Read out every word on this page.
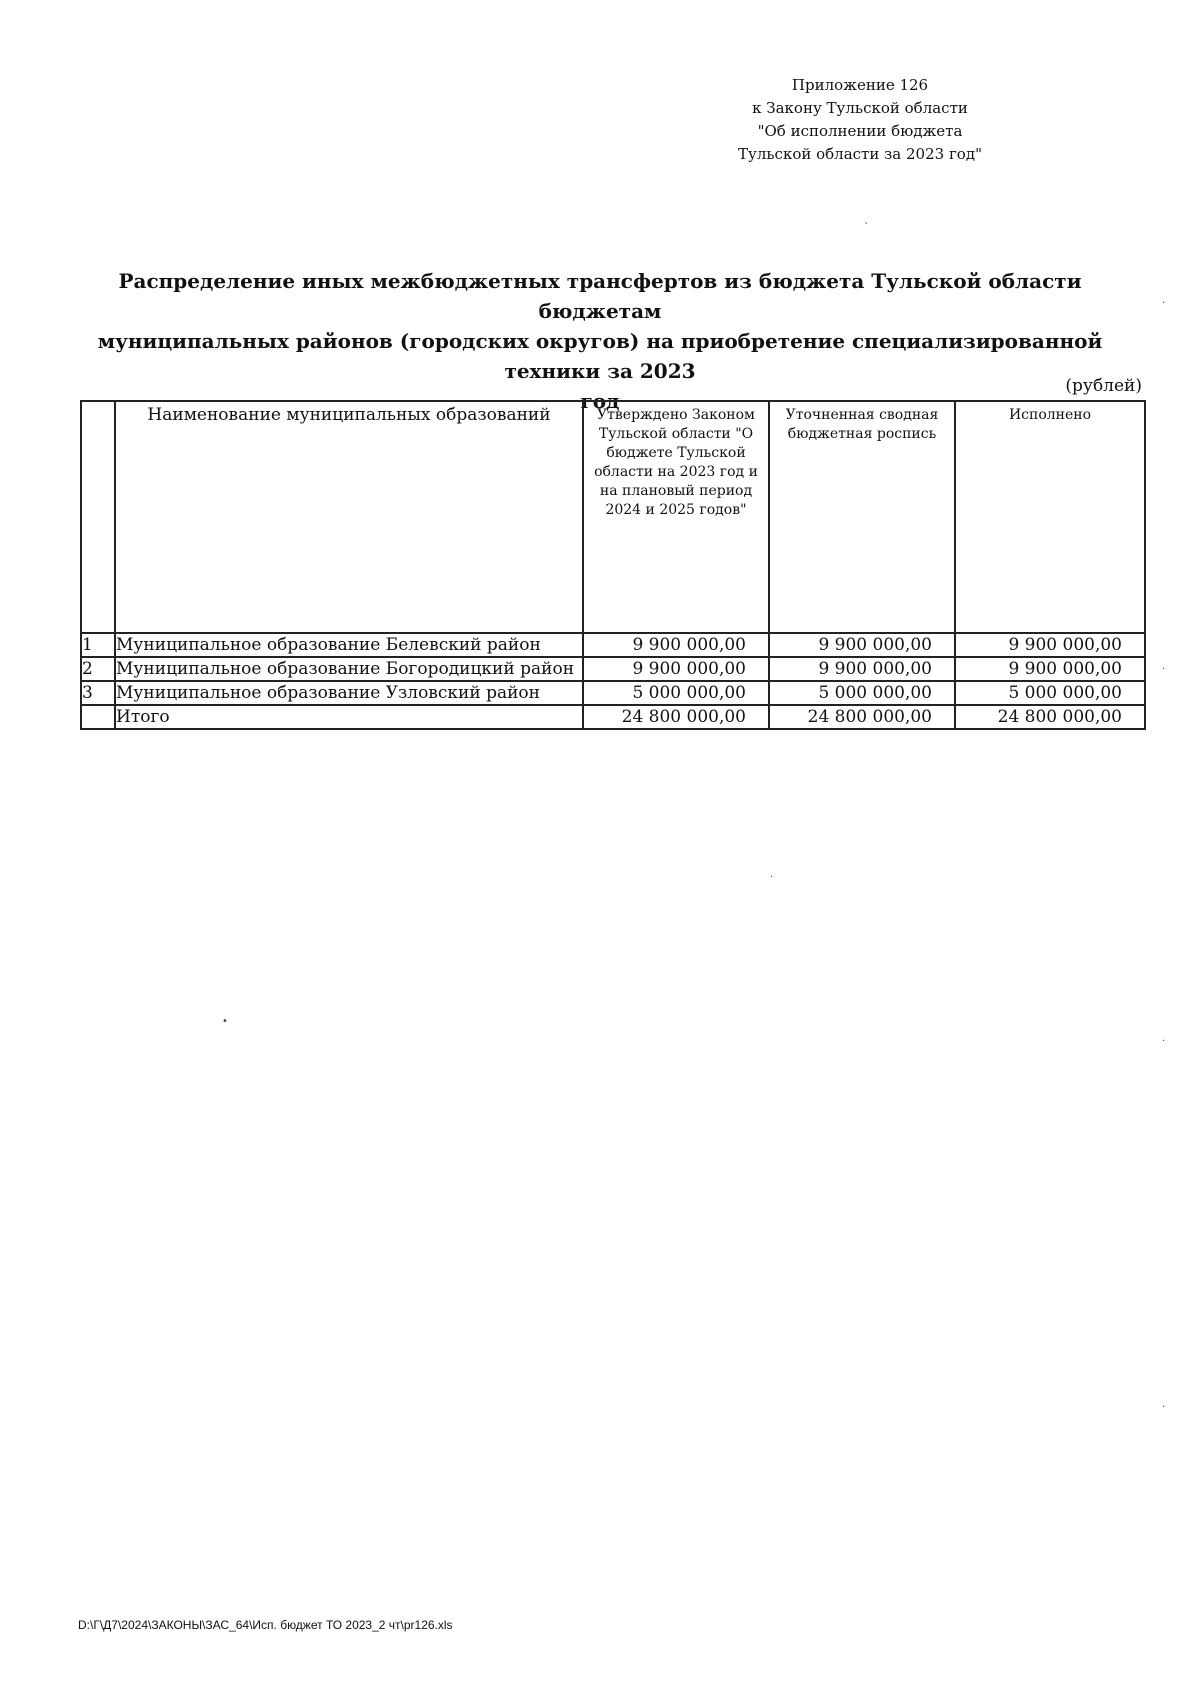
Приложение 126
к Закону Тульской области
"Об исполнении бюджета
Тульской области за 2023 год"
Распределение иных межбюджетных трансфертов из бюджета Тульской области бюджетам
муниципальных районов (городских округов) на приобретение специализированной техники за 2023
год
(рублей)
	Наименование муниципальных образований	Утверждено Законом Тульской области "О бюджете Тульской области на 2023 год и на плановый период 2024 и 2025 годов"	Уточненная сводная бюджетная роспись	Исполнено
1	Муниципальное образование Белевский район	9 900 000,00	9 900 000,00	9 900 000,00
2	Муниципальное образование Богородицкий район	9 900 000,00	9 900 000,00	9 900 000,00
3	Муниципальное образование Узловский район	5 000 000,00	5 000 000,00	5 000 000,00
	Итого	24 800 000,00	24 800 000,00	24 800 000,00
D:\Г\Д7\2024\ЗАКОНЫ\ЗАС_64\Исп. бюджет ТО 2023_2 чт\pr126.xls
ˋ
·
·
·
•
·
·
